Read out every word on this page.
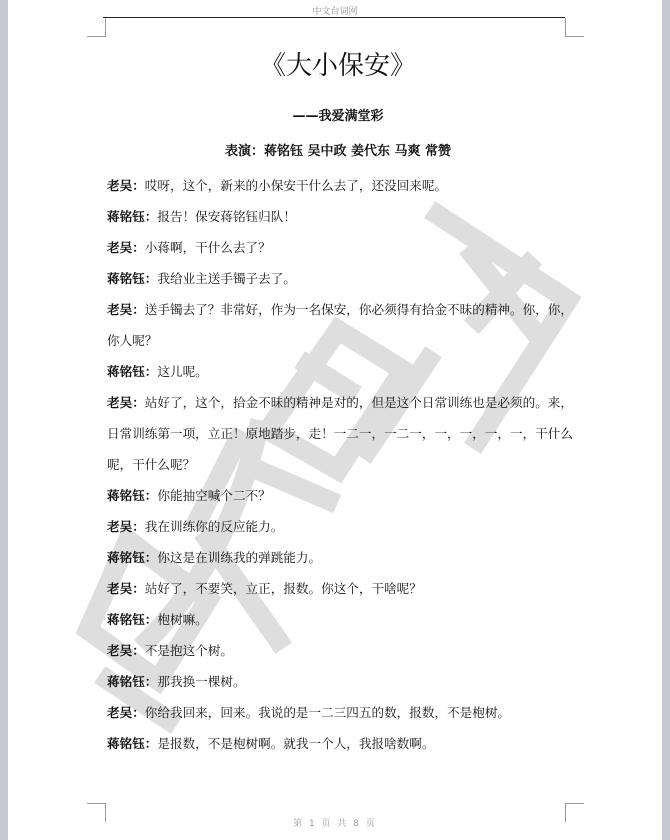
中文台词网
《大小保安》
——我爱满堂彩
表演：蒋铭钰 吴中政 姜代东 马爽 常赞

老吴：哎呀，这个，新来的小保安干什么去了，还没回来呢。

蒋铭钰：报告！保安蒋铭钰归队！

老吴：小蒋啊，干什么去了？

蒋铭钰：我给业主送手镯子去了。

老吴：送手镯去了？非常好，作为一名保安，你必须得有拾金不昧的精神。你，你，你人呢？

蒋铭钰：这儿呢。

老吴：站好了，这个，拾金不昧的精神是对的，但是这个日常训练也是必须的。来，日常训练第一项，立正！原地踏步，走！一二一，一二一，一，一，一，一，干什么呢，干什么呢？

蒋铭钰：你能抽空喊个二不？

老吴：我在训练你的反应能力。

蒋铭钰：你这是在训练我的弹跳能力。

老吴：站好了，不要笑，立正，报数。你这个，干啥呢？

蒋铭钰：枹树嘛。

老吴：不是抱这个树。

蒋铭钰：那我换一棵树。

老吴：你给我回来，回来。我说的是一二三四五的数，报数，不是枹树。

蒋铭钰：是报数，不是枹树啊。就我一个人，我报啥数啊。

第 1 页 共 8 页
